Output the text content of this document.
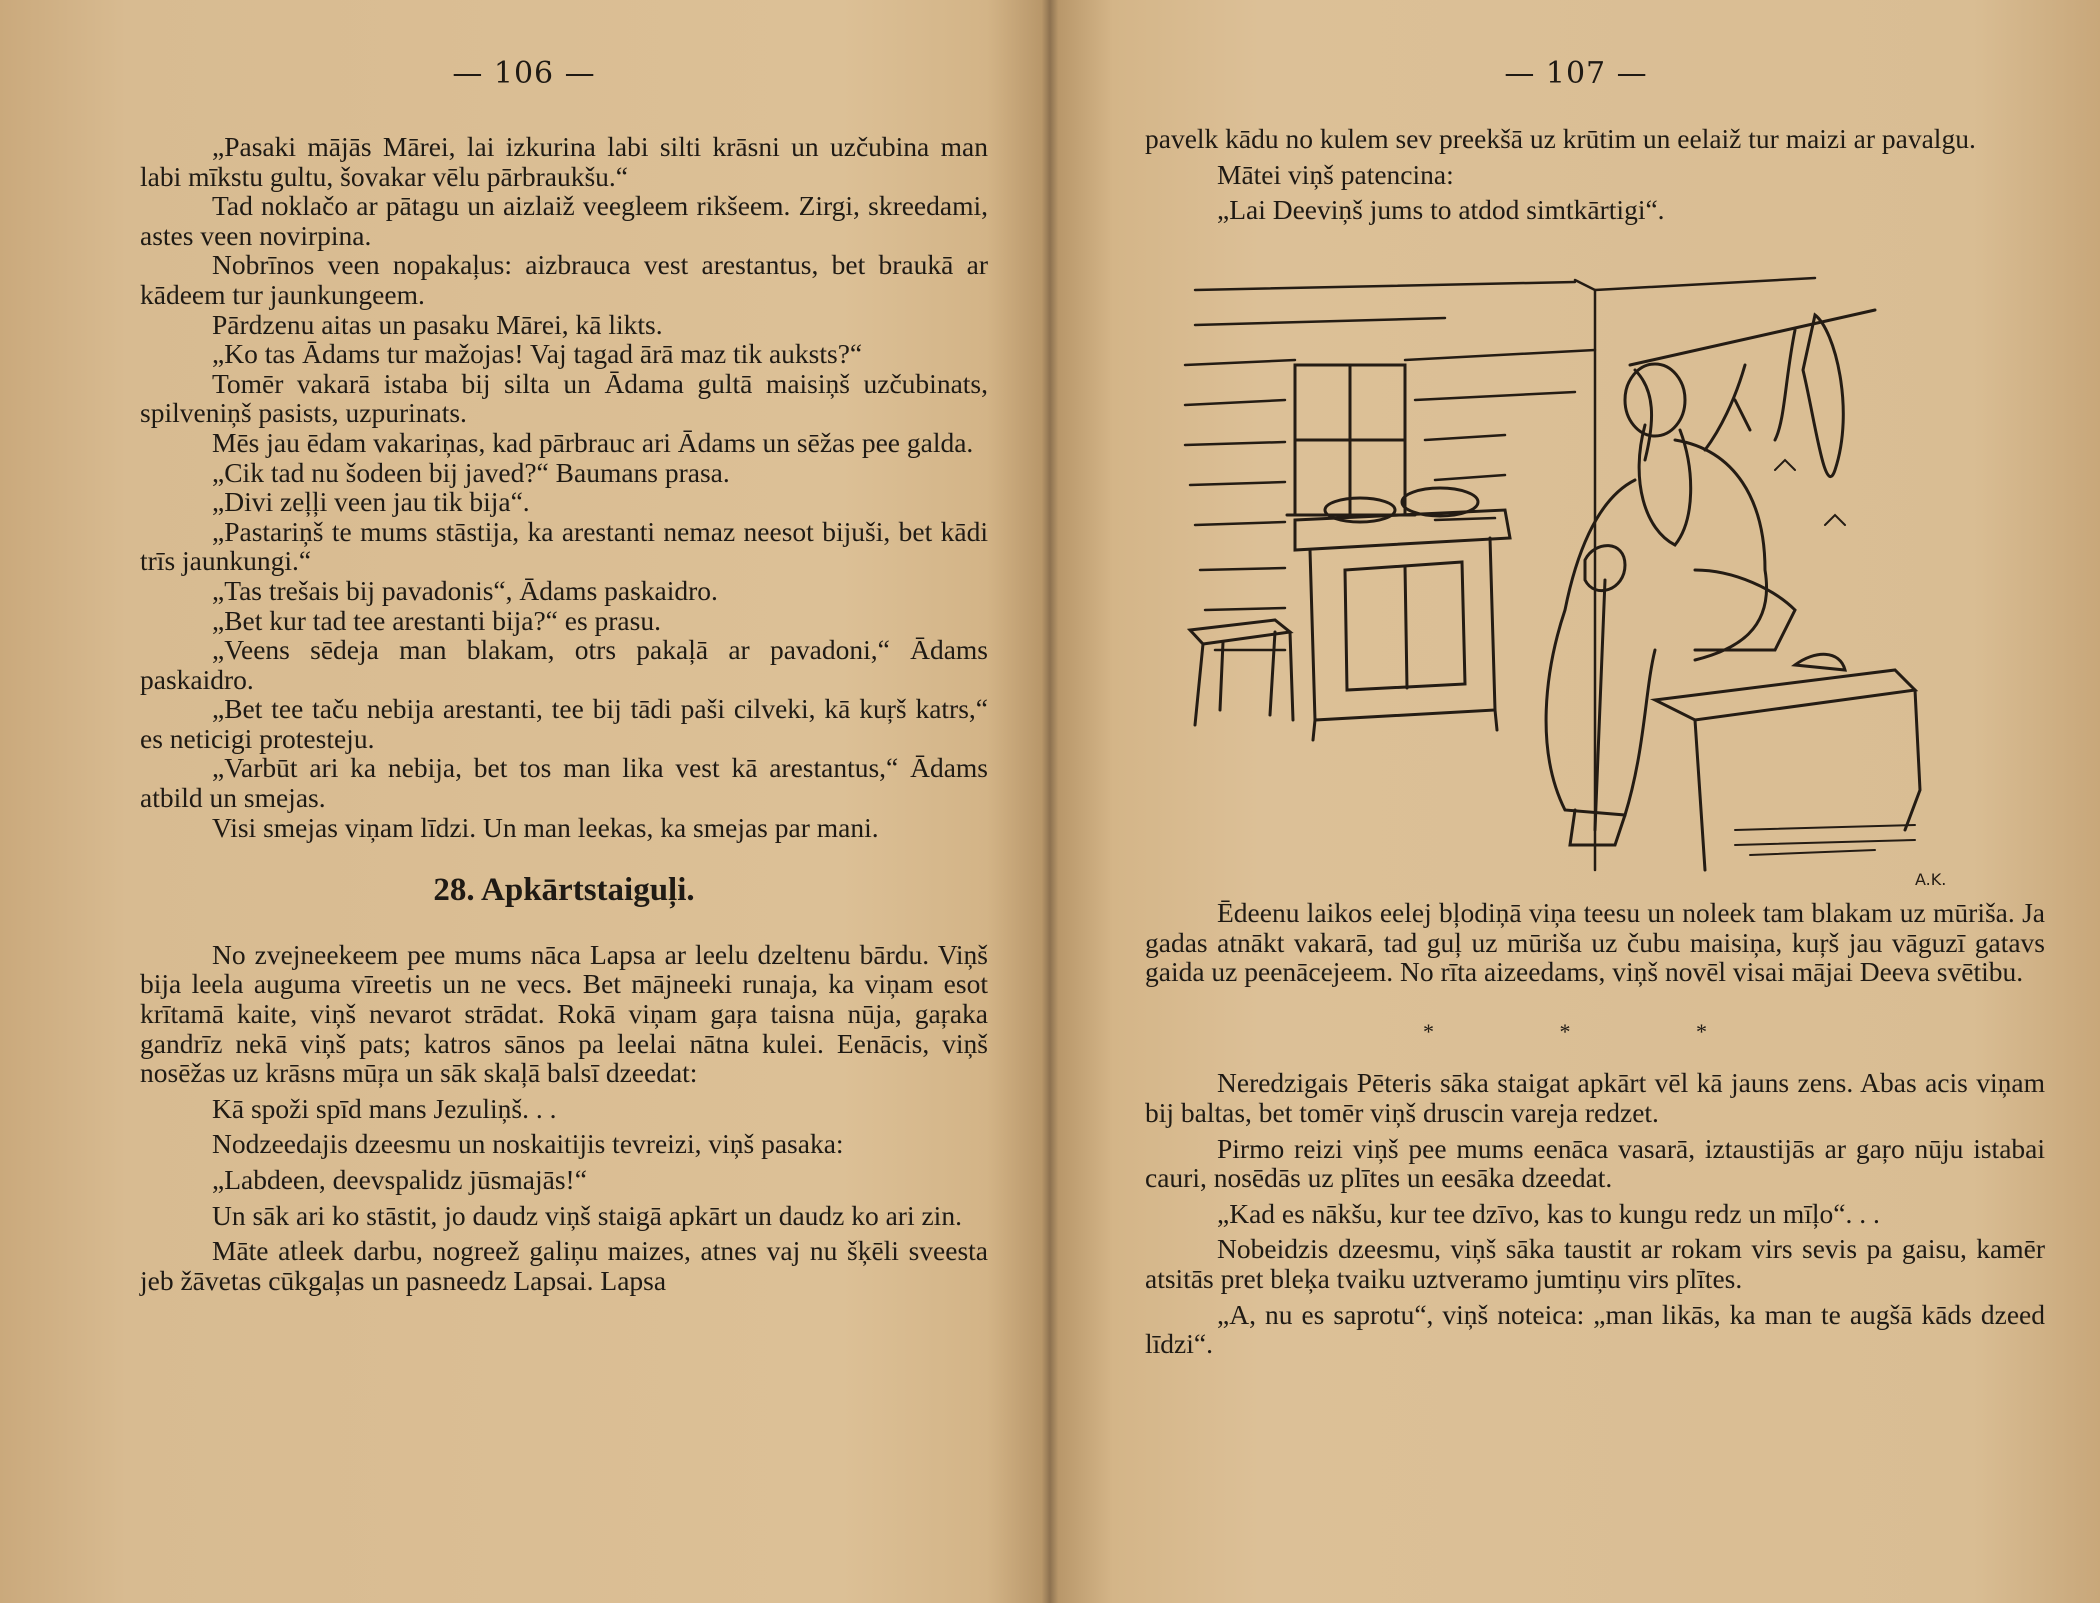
— 106 —

„Pasaki mājās Mārei, lai izkurina labi silti krāsni un uzčubina man labi mīkstu gultu, šovakar vēlu pārbraukšu.“

Tad noklačo ar pātagu un aizlaiž veegleem rikšeem. Zirgi, skreedami, astes veen novirpina.

Nobrīnos veen nopakaļus: aizbrauca vest arestantus, bet braukā ar kādeem tur jaunkungeem.

Pārdzenu aitas un pasaku Mārei, kā likts.

„Ko tas Ādams tur mažojas! Vaj tagad ārā maz tik auksts?“

Tomēr vakarā istaba bij silta un Ādama gultā maisiņš uzčubinats, spilveniņš pasists, uzpurinats.

Mēs jau ēdam vakariņas, kad pārbrauc ari Ādams un sēžas pee galda.

„Cik tad nu šodeen bij javed?“ Baumans prasa.

„Divi zeļļi veen jau tik bija“.

„Pastariņš te mums stāstija, ka arestanti nemaz neesot bijuši, bet kādi trīs jaunkungi.“

„Tas trešais bij pavadonis“, Ādams paskaidro.

„Bet kur tad tee arestanti bija?“ es prasu.

„Veens sēdeja man blakam, otrs pakaļā ar pavadoni,“ Ādams paskaidro.

„Bet tee taču nebija arestanti, tee bij tādi paši cilveki, kā kuŗš katrs,“ es neticigi protesteju.

„Varbūt ari ka nebija, bet tos man lika vest kā arestantus,“ Ādams atbild un smejas.

Visi smejas viņam līdzi. Un man leekas, ka smejas par mani.

28. Apkārtstaiguļi.

No zvejneekeem pee mums nāca Lapsa ar leelu dzeltenu bārdu. Viņš bija leela auguma vīreetis un ne vecs. Bet mājneeki runaja, ka viņam esot krītamā kaite, viņš nevarot strādat. Rokā viņam gaŗa taisna nūja, gaŗaka gandrīz nekā viņš pats; katros sānos pa leelai nātna kulei. Eenācis, viņš nosēžas uz krāsns mūŗa un sāk skaļā balsī dzeedat:

Kā spoži spīd mans Jezuliņš. . .

Nodzeedajis dzeesmu un noskaitijis tevreizi, viņš pasaka:

„Labdeen, deevspalidz jūsmajās!“

Un sāk ari ko stāstit, jo daudz viņš staigā apkārt un daudz ko ari zin.

Māte atleek darbu, nogreež galiņu maizes, atnes vaj nu šķēli sveesta jeb žāvetas cūkgaļas un pasneedz Lapsai. Lapsa

— 107 —

pavelk kādu no kulem sev preekšā uz krūtim un eelaiž tur maizi ar pavalgu.

Mātei viņš patencina:

„Lai Deeviņš jums to atdod simtkārtigi“.

Ēdeenu laikos eelej bļodiņā viņa teesu un noleek tam blakam uz mūriša. Ja gadas atnākt vakarā, tad guļ uz mūriša uz čubu maisiņa, kuŗš jau vāguzī gatavs gaida uz peenācejeem. No rīta aizeedams, viņš novēl visai mājai Deeva svētibu.

* * *

Neredzigais Pēteris sāka staigat apkārt vēl kā jauns zens. Abas acis viņam bij baltas, bet tomēr viņš druscin vareja redzet.

Pirmo reizi viņš pee mums eenāca vasarā, iztaustijās ar gaŗo nūju istabai cauri, nosēdās uz plītes un eesāka dzeedat.

„Kad es nākšu, kur tee dzīvo, kas to kungu redz un mīļo“. . .

Nobeidzis dzeesmu, viņš sāka taustit ar rokam virs sevis pa gaisu, kamēr atsitās pret bleķa tvaiku uztveramo jumtiņu virs plītes.

„A, nu es saprotu“, viņš noteica: „man likās, ka man te augšā kāds dzeed līdzi“.

A.K.
